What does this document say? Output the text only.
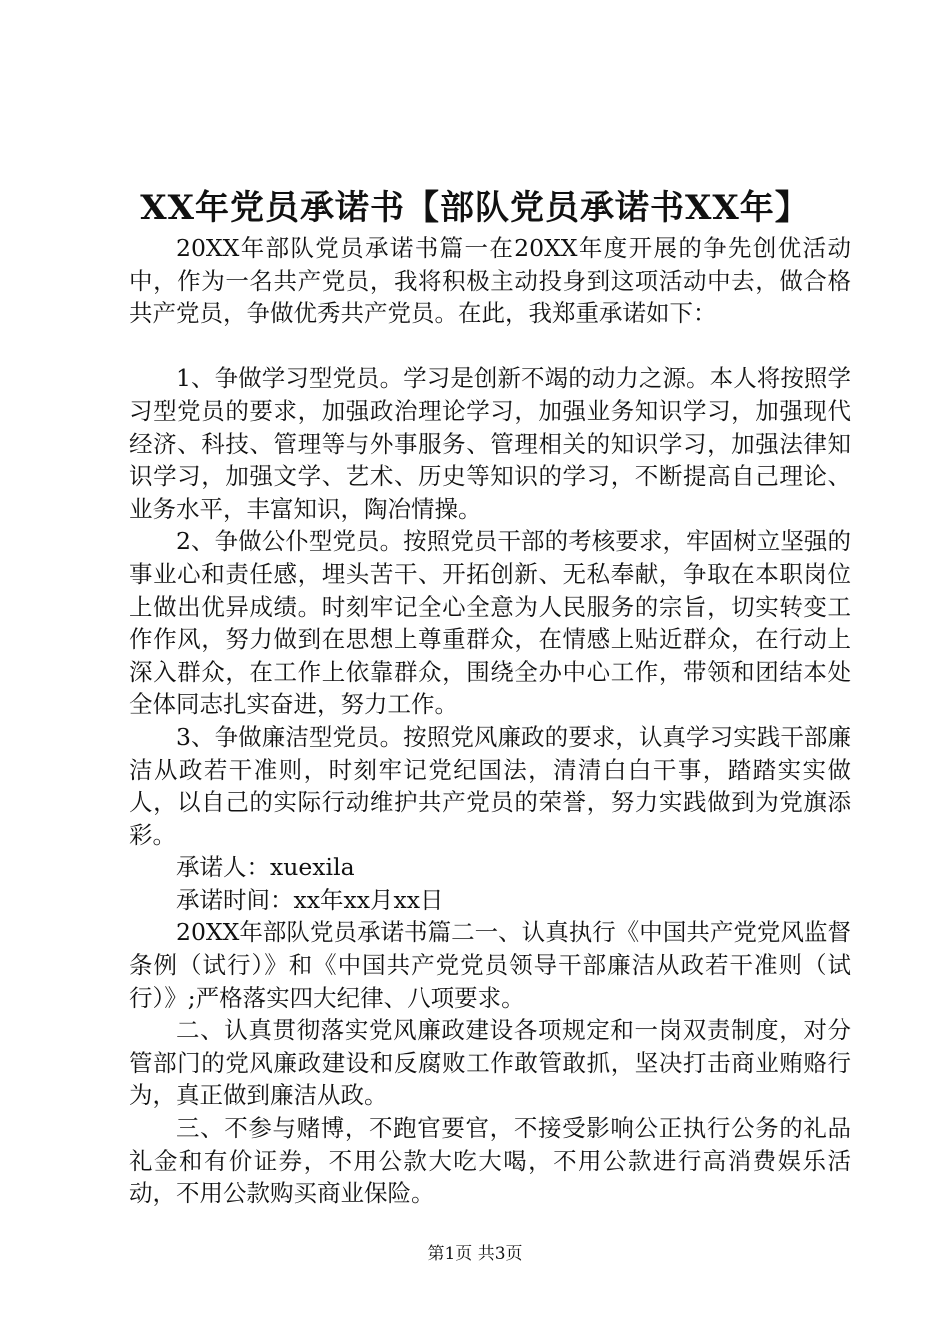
XX年党员承诺书【部队党员承诺书XX年】

20XX年部队党员承诺书篇一在20XX年度开展的争先创优活动中，作为一名共产党员，我将积极主动投身到这项活动中去，做合格共产党员，争做优秀共产党员。在此，我郑重承诺如下：

1、争做学习型党员。学习是创新不竭的动力之源。本人将按照学习型党员的要求，加强政治理论学习，加强业务知识学习，加强现代经济、科技、管理等与外事服务、管理相关的知识学习，加强法律知识学习，加强文学、艺术、历史等知识的学习，不断提高自己理论、业务水平，丰富知识，陶冶情操。

2、争做公仆型党员。按照党员干部的考核要求，牢固树立坚强的事业心和责任感，埋头苦干、开拓创新、无私奉献，争取在本职岗位上做出优异成绩。时刻牢记全心全意为人民服务的宗旨，切实转变工作作风，努力做到在思想上尊重群众，在情感上贴近群众，在行动上深入群众，在工作上依靠群众，围绕全办中心工作，带领和团结本处全体同志扎实奋进，努力工作。

3、争做廉洁型党员。按照党风廉政的要求，认真学习实践干部廉洁从政若干准则，时刻牢记党纪国法，清清白白干事，踏踏实实做人，以自己的实际行动维护共产党员的荣誉，努力实践做到为党旗添彩。

承诺人：xuexila

承诺时间：xx年xx月xx日

20XX年部队党员承诺书篇二一、认真执行《中国共产党党风监督条例（试行）》和《中国共产党党员领导干部廉洁从政若干准则（试行）》;严格落实四大纪律、八项要求。

二、认真贯彻落实党风廉政建设各项规定和一岗双责制度，对分管部门的党风廉政建设和反腐败工作敢管敢抓，坚决打击商业贿赂行为，真正做到廉洁从政。

三、不参与赌博，不跑官要官，不接受影响公正执行公务的礼品礼金和有价证券，不用公款大吃大喝，不用公款进行高消费娱乐活动，不用公款购买商业保险。

第1页 共3页
